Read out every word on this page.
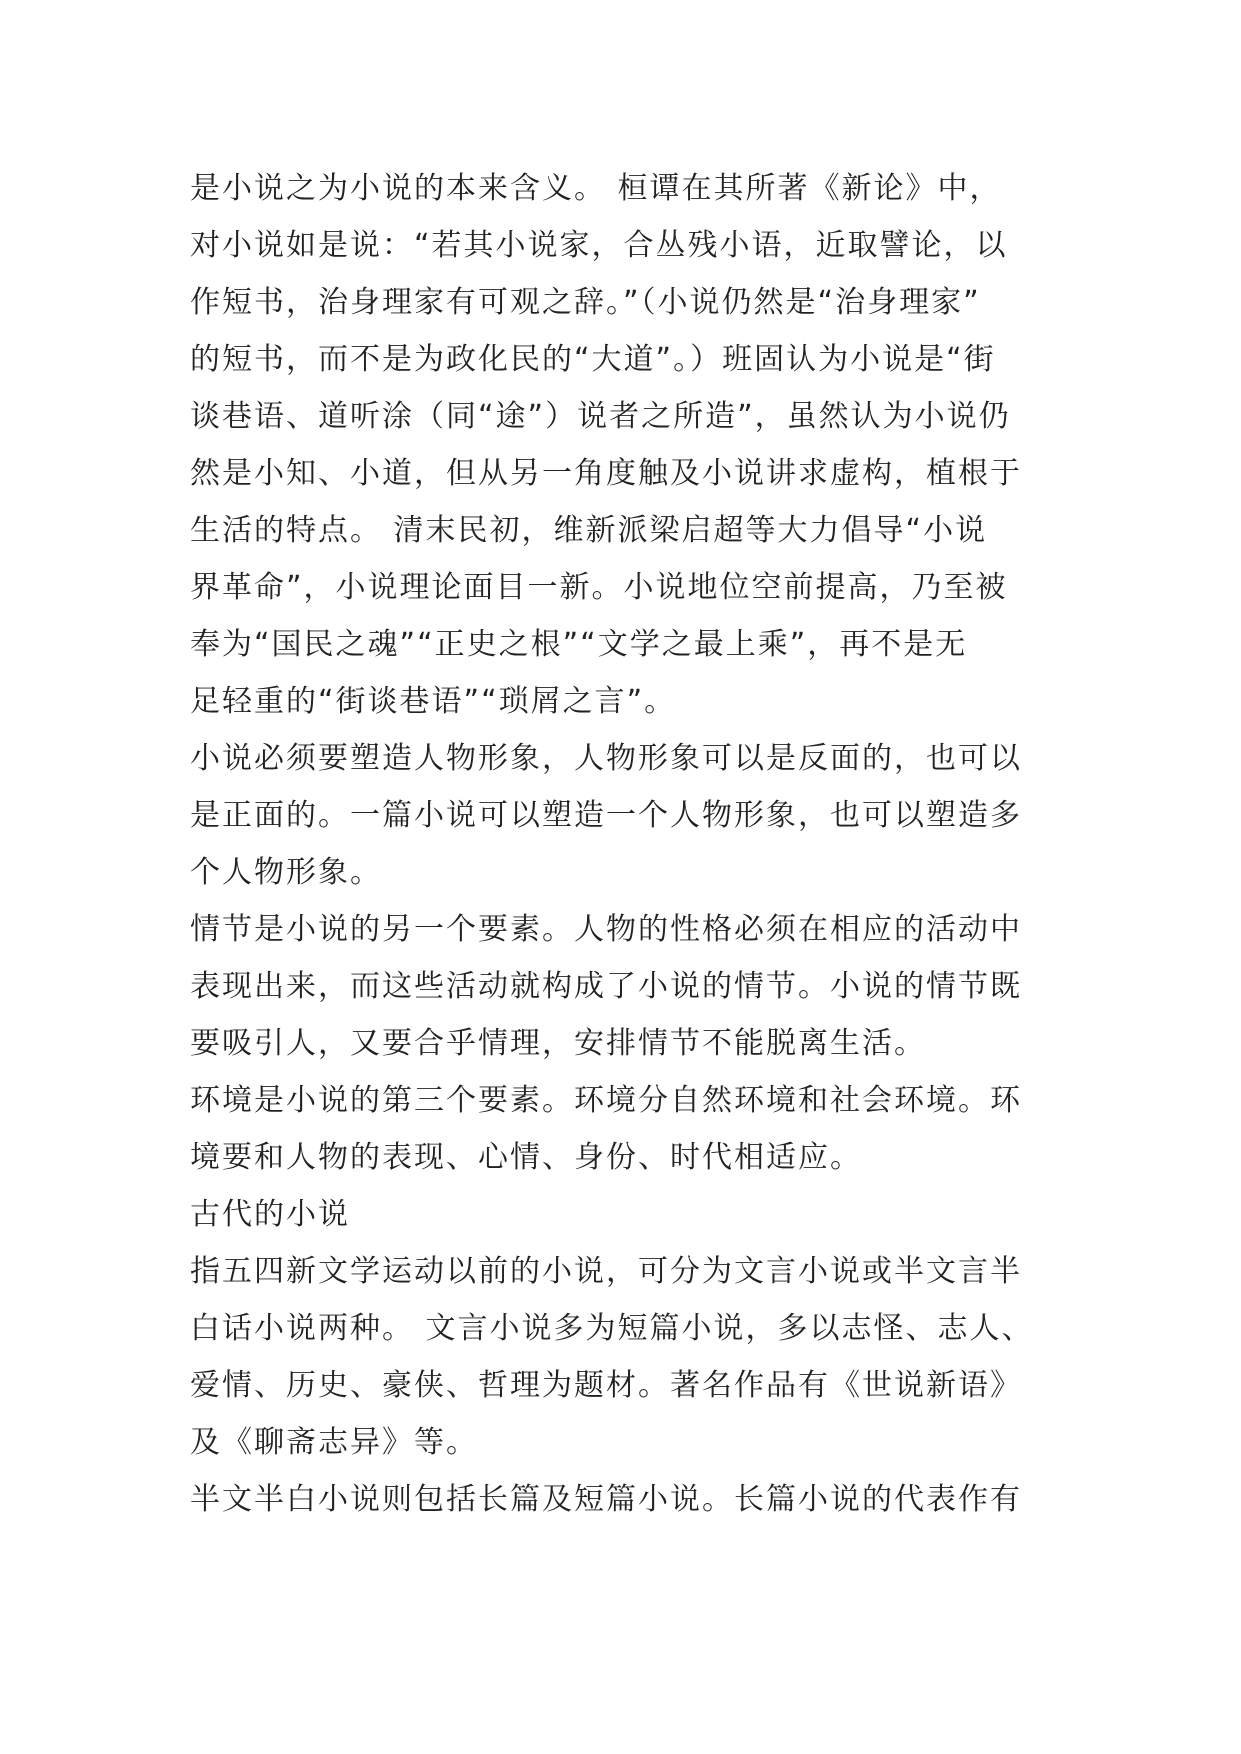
是小说之为小说的本来含义。 桓谭在其所著《新论》中，
对小说如是说：“若其小说家，合丛残小语，近取譬论，以
作短书，治身理家有可观之辞。”（小说仍然是“治身理家”
的短书，而不是为政化民的“大道”。）班固认为小说是“街
谈巷语、道听涂（同“途”）说者之所造”，虽然认为小说仍
然是小知、小道，但从另一角度触及小说讲求虚构，植根于
生活的特点。 清末民初，维新派梁启超等大力倡导“小说
界革命”，小说理论面目一新。小说地位空前提高，乃至被
奉为“国民之魂”“正史之根”“文学之最上乘”，再不是无
足轻重的“街谈巷语”“琐屑之言”。
小说必须要塑造人物形象，人物形象可以是反面的，也可以
是正面的。一篇小说可以塑造一个人物形象，也可以塑造多
个人物形象。
情节是小说的另一个要素。人物的性格必须在相应的活动中
表现出来，而这些活动就构成了小说的情节。小说的情节既
要吸引人，又要合乎情理，安排情节不能脱离生活。
环境是小说的第三个要素。环境分自然环境和社会环境。环
境要和人物的表现、心情、身份、时代相适应。
古代的小说
指五四新文学运动以前的小说，可分为文言小说或半文言半
白话小说两种。 文言小说多为短篇小说，多以志怪、志人、
爱情、历史、豪侠、哲理为题材。著名作品有《世说新语》
及《聊斋志异》等。
半文半白小说则包括长篇及短篇小说。长篇小说的代表作有
